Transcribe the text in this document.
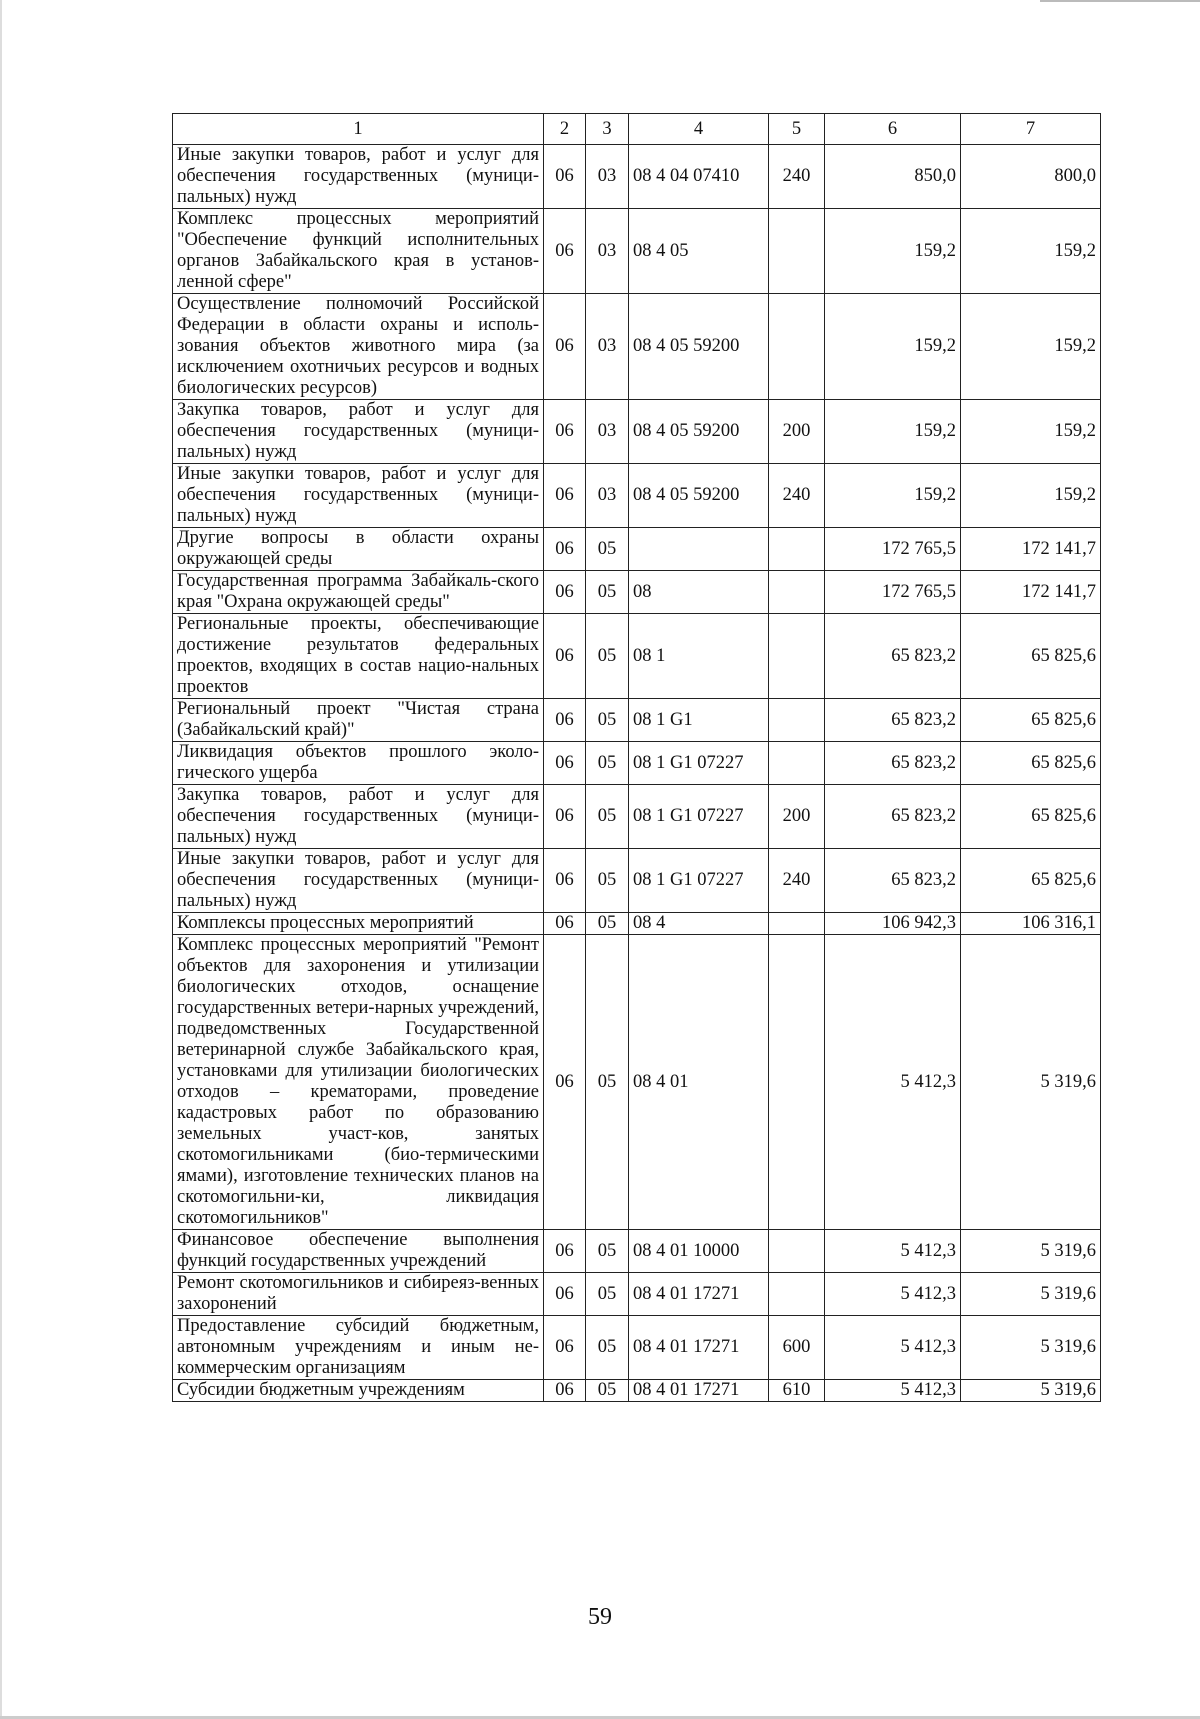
1	2	3	4	5	6	7
Иные закупки товаров, работ и услуг для обеспечения государственных (муници-пальных) нужд	06	03	08 4 04 07410	240	850,0	800,0
Комплекс процессных мероприятий "Обеспечение функций исполнительных органов Забайкальского края в установ-ленной сфере"	06	03	08 4 05		159,2	159,2
Осуществление полномочий Российской Федерации в области охраны и исполь-зования объектов животного мира (за исключением охотничьих ресурсов и водных биологических ресурсов)	06	03	08 4 05 59200		159,2	159,2
Закупка товаров, работ и услуг для обеспечения государственных (муници-пальных) нужд	06	03	08 4 05 59200	200	159,2	159,2
Иные закупки товаров, работ и услуг для обеспечения государственных (муници-пальных) нужд	06	03	08 4 05 59200	240	159,2	159,2
Другие вопросы в области охраны окружающей среды	06	05			172 765,5	172 141,7
Государственная программа Забайкаль-ского края "Охрана окружающей среды"	06	05	08		172 765,5	172 141,7
Региональные проекты, обеспечивающие достижение результатов федеральных проектов, входящих в состав нацио-нальных проектов	06	05	08 1		65 823,2	65 825,6
Региональный проект "Чистая страна (Забайкальский край)"	06	05	08 1 G1		65 823,2	65 825,6
Ликвидация объектов прошлого эколо-гического ущерба	06	05	08 1 G1 07227		65 823,2	65 825,6
Закупка товаров, работ и услуг для обеспечения государственных (муници-пальных) нужд	06	05	08 1 G1 07227	200	65 823,2	65 825,6
Иные закупки товаров, работ и услуг для обеспечения государственных (муници-пальных) нужд	06	05	08 1 G1 07227	240	65 823,2	65 825,6
Комплексы процессных мероприятий	06	05	08 4		106 942,3	106 316,1
Комплекс процессных мероприятий "Ремонт объектов для захоронения и утилизации биологических отходов, оснащение государственных ветери-нарных учреждений, подведомственных Государственной ветеринарной службе Забайкальского края, установками для утилизации биологических отходов – крематорами, проведение кадастровых работ по образованию земельных участ-ков, занятых скотомогильниками (био-термическими ямами), изготовление технических планов на скотомогильни-ки, ликвидация скотомогильников"	06	05	08 4 01		5 412,3	5 319,6
Финансовое обеспечение выполнения функций государственных учреждений	06	05	08 4 01 10000		5 412,3	5 319,6
Ремонт скотомогильников и сибиреяз-венных захоронений	06	05	08 4 01 17271		5 412,3	5 319,6
Предоставление субсидий бюджетным, автономным учреждениям и иным не-коммерческим организациям	06	05	08 4 01 17271	600	5 412,3	5 319,6
Субсидии бюджетным учреждениям	06	05	08 4 01 17271	610	5 412,3	5 319,6
59
